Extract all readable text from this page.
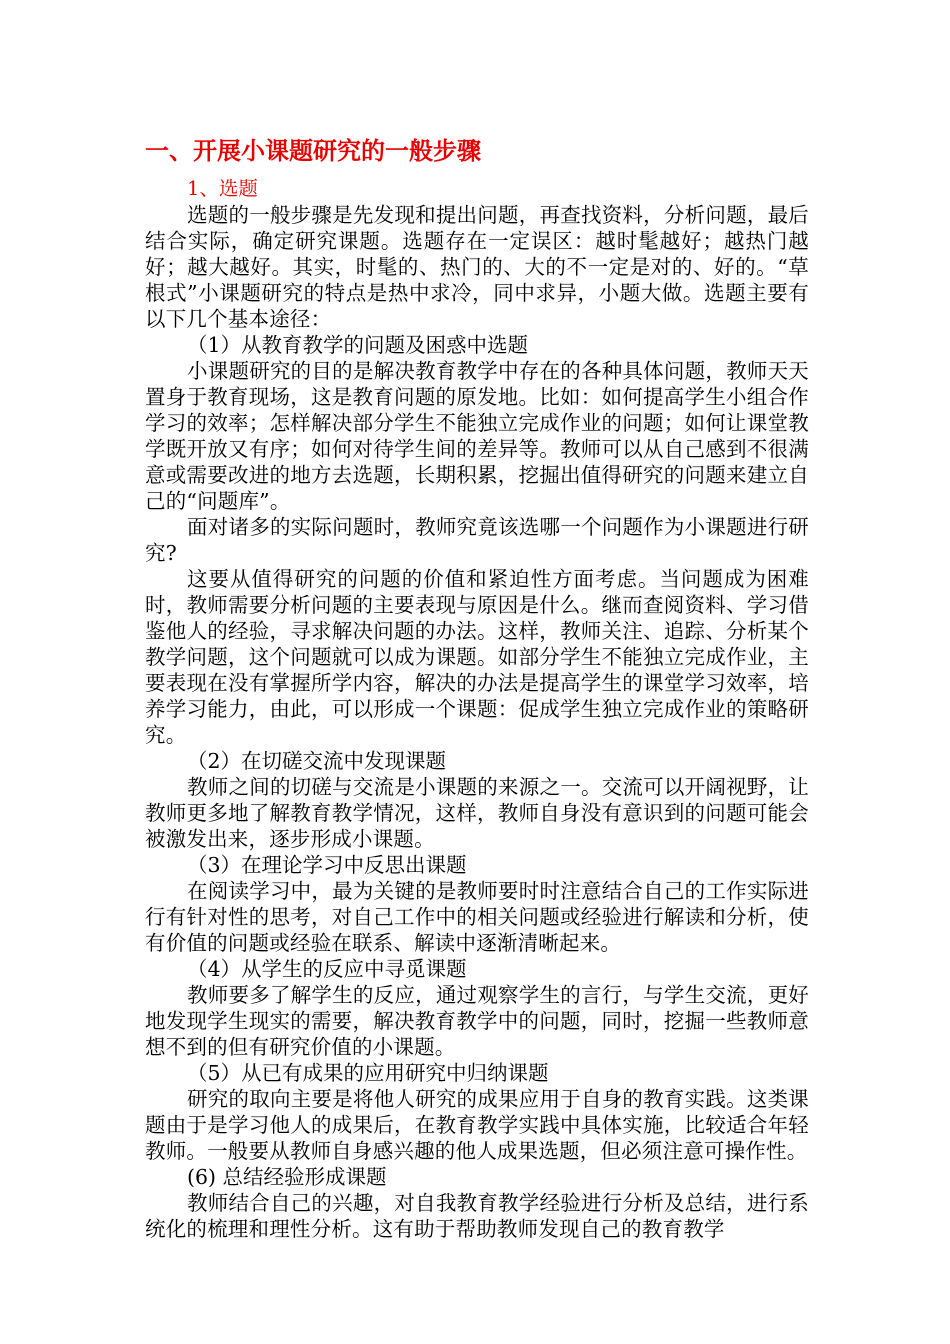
一、开展小课题研究的一般步骤

1、选题

选题的一般步骤是先发现和提出问题，再查找资料，分析问题，最后结合实际，确定研究课题。选题存在一定误区：越时髦越好；越热门越好；越大越好。其实，时髦的、热门的、大的不一定是对的、好的。“草根式”小课题研究的特点是热中求冷，同中求异，小题大做。选题主要有以下几个基本途径：

（1）从教育教学的问题及困惑中选题

小课题研究的目的是解决教育教学中存在的各种具体问题，教师天天置身于教育现场，这是教育问题的原发地。比如：如何提高学生小组合作学习的效率；怎样解决部分学生不能独立完成作业的问题；如何让课堂教学既开放又有序；如何对待学生间的差异等。教师可以从自己感到不很满意或需要改进的地方去选题，长期积累，挖掘出值得研究的问题来建立自己的“问题库”。

面对诸多的实际问题时，教师究竟该选哪一个问题作为小课题进行研究?

这要从值得研究的问题的价值和紧迫性方面考虑。当问题成为困难时，教师需要分析问题的主要表现与原因是什么。继而查阅资料、学习借鉴他人的经验，寻求解决问题的办法。这样，教师关注、追踪、分析某个教学问题，这个问题就可以成为课题。如部分学生不能独立完成作业，主要表现在没有掌握所学内容，解决的办法是提高学生的课堂学习效率，培养学习能力，由此，可以形成一个课题：促成学生独立完成作业的策略研究。

（2）在切磋交流中发现课题

教师之间的切磋与交流是小课题的来源之一。交流可以开阔视野，让教师更多地了解教育教学情况，这样，教师自身没有意识到的问题可能会被激发出来，逐步形成小课题。

（3）在理论学习中反思出课题

在阅读学习中，最为关键的是教师要时时注意结合自己的工作实际进行有针对性的思考，对自己工作中的相关问题或经验进行解读和分析，使有价值的问题或经验在联系、解读中逐渐清晰起来。

（4）从学生的反应中寻觅课题

教师要多了解学生的反应，通过观察学生的言行，与学生交流，更好地发现学生现实的需要，解决教育教学中的问题，同时，挖掘一些教师意想不到的但有研究价值的小课题。

（5）从已有成果的应用研究中归纳课题

研究的取向主要是将他人研究的成果应用于自身的教育实践。这类课题由于是学习他人的成果后，在教育教学实践中具体实施，比较适合年轻教师。一般要从教师自身感兴趣的他人成果选题，但必须注意可操作性。

(6) 总结经验形成课题

教师结合自己的兴趣，对自我教育教学经验进行分析及总结，进行系统化的梳理和理性分析。这有助于帮助教师发现自己的教育教学
